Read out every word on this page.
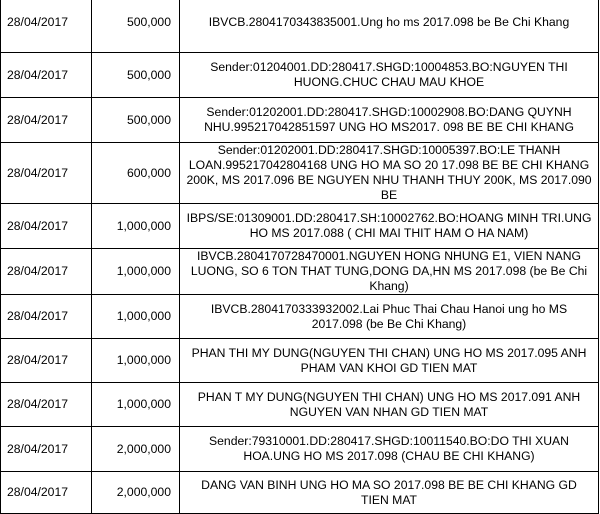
28/04/2017	500,000	IBVCB.2804170343835001.Ung ho ms 2017.098 be Be Chi Khang
28/04/2017	500,000	Sender:01204001.DD:280417.SHGD:10004853.BO:NGUYEN THI HUONG.CHUC CHAU MAU KHOE
28/04/2017	500,000	Sender:01202001.DD:280417.SHGD:10002908.BO:DANG QUYNH NHU.995217042851597 UNG HO MS2017. 098 BE BE CHI KHANG
28/04/2017	600,000	Sender:01202001.DD:280417.SHGD:10005397.BO:LE THANH LOAN.995217042804168 UNG HO MA SO 20 17.098 BE BE CHI KHANG 200K, MS 2017.096 BE NGUYEN NHU THANH THUY 200K, MS 2017.090 BE
28/04/2017	1,000,000	IBPS/SE:01309001.DD:280417.SH:10002762.BO:HOANG MINH TRI.UNG HO MS 2017.088 ( CHI MAI THIT HAM O HA NAM)
28/04/2017	1,000,000	IBVCB.2804170728470001.NGUYEN HONG NHUNG E1, VIEN NANG LUONG, SO 6 TON THAT TUNG,DONG DA,HN MS 2017.098 (be Be Chi Khang)
28/04/2017	1,000,000	IBVCB.2804170333932002.Lai Phuc Thai Chau Hanoi ung ho MS 2017.098 (be Be Chi Khang)
28/04/2017	1,000,000	PHAN THI MY DUNG(NGUYEN THI CHAN) UNG HO MS 2017.095 ANH PHAM VAN KHOI GD TIEN MAT
28/04/2017	1,000,000	PHAN T MY DUNG(NGUYEN THI CHAN) UNG HO MS 2017.091 ANH NGUYEN VAN NHAN GD TIEN MAT
28/04/2017	2,000,000	Sender:79310001.DD:280417.SHGD:10011540.BO:DO THI XUAN HOA.UNG HO MS 2017.098 (CHAU BE CHI KHANG)
28/04/2017	2,000,000	DANG VAN BINH UNG HO MA SO 2017.098 BE BE CHI KHANG GD TIEN MAT
